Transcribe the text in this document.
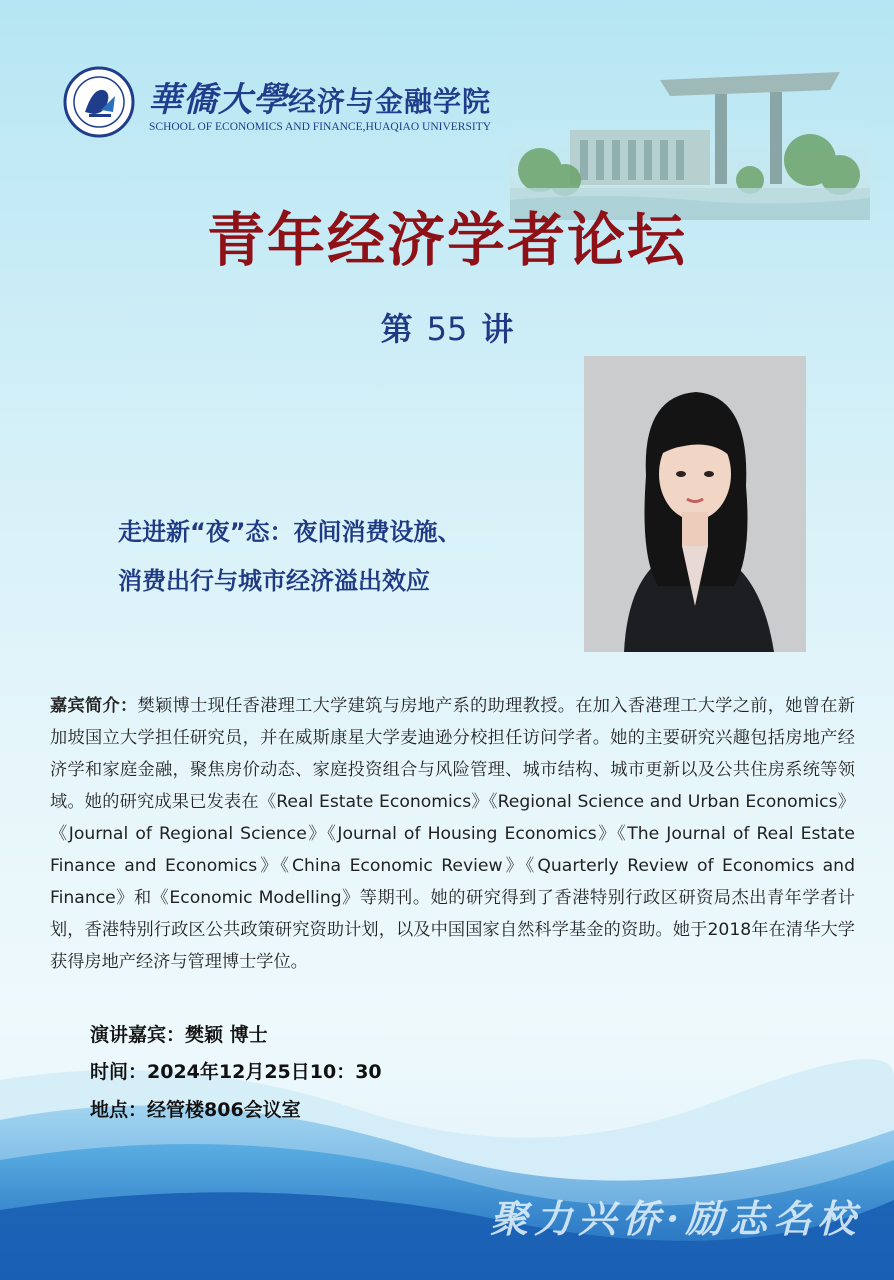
華僑大學经济与金融学院
SCHOOL OF ECONOMICS AND FINANCE,HUAQIAO UNIVERSITY
青年经济学者论坛
第 55 讲
走进新“夜”态：夜间消费设施、
消费出行与城市经济溢出效应
嘉宾简介：樊颖博士现任香港理工大学建筑与房地产系的助理教授。在加入香港理工大学之前，她曾在新加坡国立大学担任研究员，并在威斯康星大学麦迪逊分校担任访问学者。她的主要研究兴趣包括房地产经济学和家庭金融，聚焦房价动态、家庭投资组合与风险管理、城市结构、城市更新以及公共住房系统等领域。她的研究成果已发表在《Real Estate Economics》《Regional Science and Urban Economics》《Journal of Regional Science》《Journal of Housing Economics》《The Journal of Real Estate Finance and Economics》《China Economic Review》《Quarterly Review of Economics and Finance》和《Economic Modelling》等期刊。她的研究得到了香港特别行政区研资局杰出青年学者计划，香港特别行政区公共政策研究资助计划，以及中国国家自然科学基金的资助。她于2018年在清华大学获得房地产经济与管理博士学位。
演讲嘉宾：樊颖 博士
时间：2024年12月25日10：30
地点：经管楼806会议室
聚力兴侨·励志名校
